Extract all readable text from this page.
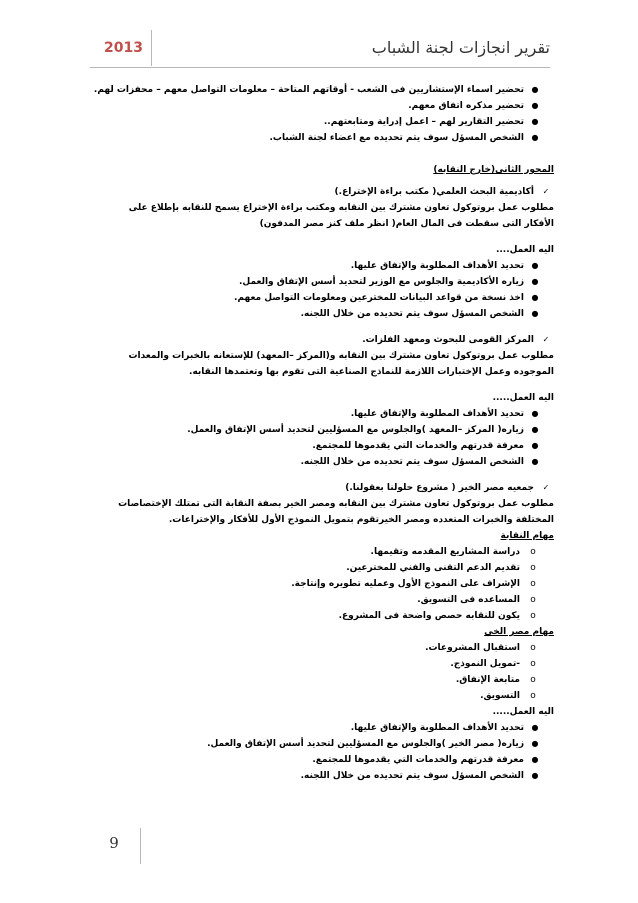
2013	تقرير انجازات لجنة الشباب
●
تحضير اسماء الإستشاريين فى الشعب - أوقاتهم المتاحة – معلومات التواصل معهم – محفزات لهم.
●
تحضير مذكره اتفاق معهم.
●
تحضير التقارير لهم – اعمل إدراية ومتابعتهم..
●
الشخص المسؤل سوف يتم تحديده مع اعضاء لجنة الشباب.

المحور الثانى(خارج النقابه)

✓
أكاديمية البحث العلمي( مكتب براءة الإختراع.)

مطلوب عمل بروتوكول تعاون مشترك بين النقابه ومكتب براءة الإختراع يسمح للنقابه بإطلاع على

الأفكار التى سقطت فى المال العام( انظر ملف كنز مصر المدفون)

اليه العمل....

●
تحديد الأهداف المطلوبة والإتفاق عليها.
●
زياره الأكاديمية والجلوس مع الوزير لتحديد أسس الإتفاق والعمل.
●
اخذ نسخة من قواعد البيانات للمخترعين ومعلومات التواصل معهم.
●
الشخص المسؤل سوف يتم تحديده من خلال اللجنه.
✓
المركز القومى للبحوث ومعهد الفلزات.

مطلوب عمل بروتوكول تعاون مشترك بين النقابه و(المركز –المعهد) للإستعانه بالخبرات والمعدات

الموجوده وعمل الإختبارات اللازمة للنماذج الصناعية التى تقوم بها وتعتمدها النقابه.

اليه العمل.....

●
تحديد الأهداف المطلوبة والإتفاق عليها.
●
زياره( المركز –المعهد )والجلوس مع المسؤليين لتحديد أسس الإتفاق والعمل.
●
معرفة قدرتهم والخدمات التي يقدموها للمجتمع.
●
الشخص المسؤل سوف يتم تحديده من خلال اللجنه.
✓
جمعيه مصر الخير ( مشروع حلولنا بعقولنا.)

مطلوب عمل بروتوكول تعاون مشترك بين النقابه ومصر الخير بصفة النقابة التى تمتلك الإختصاصات

المختلفة والخبرات المتعدده ومصر الخيرتقوم بتمويل النموذج الأول للأفكار والإختراعات.

مهام النقابة

o
دراسة المشاريع المقدمه وتقيمها.
o
تقديم الدعم التقنى والفني للمخترعين.
o
الإشراف على النموذج الأول وعمليه تطويره وإنتاجة.
o
المساعده فى التسويق.
o
يكون للنقابه حصص واضحة فى المشروع.

مهام مصر الخي

o
استقبال المشروعات.
o
-تمويل النموذج.
o
متابعة الإنفاق.
o
التسويق.

اليه العمل.....

●
تحديد الأهداف المطلوبة والإتفاق عليها.
●
زياره( مصر الخير )والجلوس مع المسؤليين لتحديد أسس الإتفاق والعمل.
●
معرفة قدرتهم والخدمات التي يقدموها للمجتمع.
●
الشخص المسؤل سوف يتم تحديده من خلال اللجنه.
9
